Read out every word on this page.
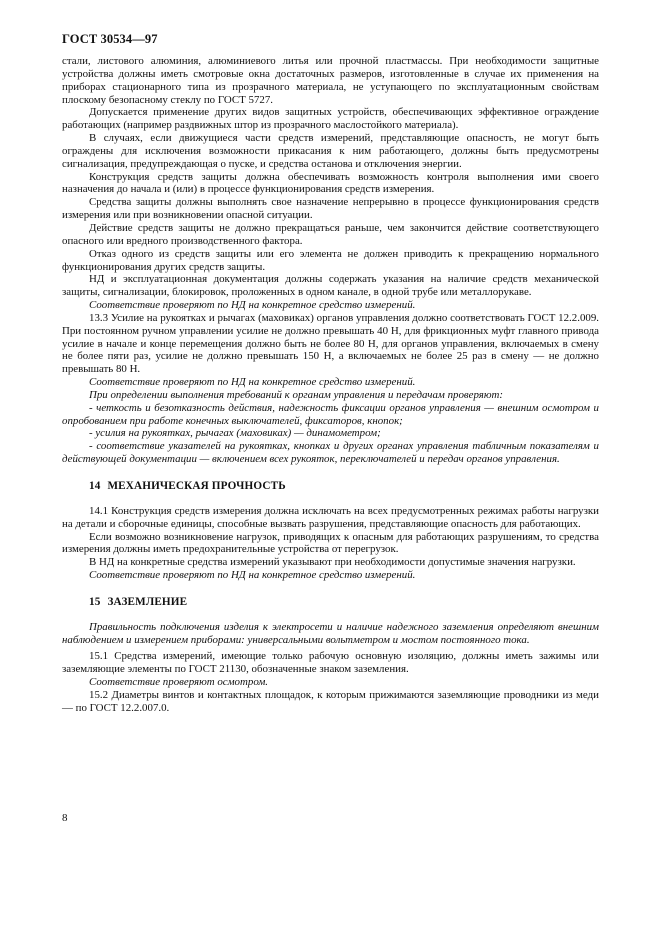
ГОСТ 30534—97

стали, листового алюминия, алюминиевого литья или прочной пластмассы. При необходимости защитные устройства должны иметь смотровые окна достаточных размеров, изготовленные в случае их применения на приборах стационарного типа из прозрачного материала, не уступающего по эксплуатационным свойствам плоскому безопасному стеклу по ГОСТ 5727.

Допускается применение других видов защитных устройств, обеспечивающих эффективное ограждение работающих (например раздвижных штор из прозрачного маслостойкого материала).

В случаях, если движущиеся части средств измерений, представляющие опасность, не могут быть ограждены для исключения возможности прикасания к ним работающего, должны быть предусмотрены сигнализация, предупреждающая о пуске, и средства останова и отключения энергии.

Конструкция средств защиты должна обеспечивать возможность контроля выполнения ими своего назначения до начала и (или) в процессе функционирования средств измерения.

Средства защиты должны выполнять свое назначение непрерывно в процессе функционирования средств измерения или при возникновении опасной ситуации.

Действие средств защиты не должно прекращаться раньше, чем закончится действие соответствующего опасного или вредного производственного фактора.

Отказ одного из средств защиты или его элемента не должен приводить к прекращению нормального функционирования других средств защиты.

НД и эксплуатационная документация должны содержать указания на наличие средств механической защиты, сигнализации, блокировок, проложенных в одном канале, в одной трубе или металлорукаве.

Соответствие проверяют по НД на конкретное средство измерений.

13.3 Усилие на рукоятках и рычагах (маховиках) органов управления должно соответствовать ГОСТ 12.2.009. При постоянном ручном управлении усилие не должно превышать 40 Н, для фрикционных муфт главного привода усилие в начале и конце перемещения должно быть не более 80 Н, для органов управления, включаемых в смену не более пяти раз, усилие не должно превышать 150 Н, а включаемых не более 25 раз в смену — не должно превышать 80 Н.

Соответствие проверяют по НД на конкретное средство измерений.

При определении выполнения требований к органам управления и передачам проверяют:

- четкость и безотказность действия, надежность фиксации органов управления — внешним осмотром и опробованием при работе конечных выключателей, фиксаторов, кнопок;

- усилия на рукоятках, рычагах (маховиках) — динамометром;

- соответствие указателей на рукоятках, кнопках и других органах управления табличным показателям и действующей документации — включением всех рукояток, переключателей и передач органов управления.

14 МЕХАНИЧЕСКАЯ ПРОЧНОСТЬ

14.1 Конструкция средств измерения должна исключать на всех предусмотренных режимах работы нагрузки на детали и сборочные единицы, способные вызвать разрушения, представляющие опасность для работающих.

Если возможно возникновение нагрузок, приводящих к опасным для работающих разрушениям, то средства измерения должны иметь предохранительные устройства от перегрузок.

В НД на конкретные средства измерений указывают при необходимости допустимые значения нагрузки.

Соответствие проверяют по НД на конкретное средство измерений.

15 ЗАЗЕМЛЕНИЕ

Правильность подключения изделия к электросети и наличие надежного заземления определяют внешним наблюдением и измерением приборами: универсальными вольтметром и мостом постоянного тока.

15.1 Средства измерений, имеющие только рабочую основную изоляцию, должны иметь зажимы или заземляющие элементы по ГОСТ 21130, обозначенные знаком заземления.

Соответствие проверяют осмотром.

15.2 Диаметры винтов и контактных площадок, к которым прижимаются заземляющие проводники из меди — по ГОСТ 12.2.007.0.

8
